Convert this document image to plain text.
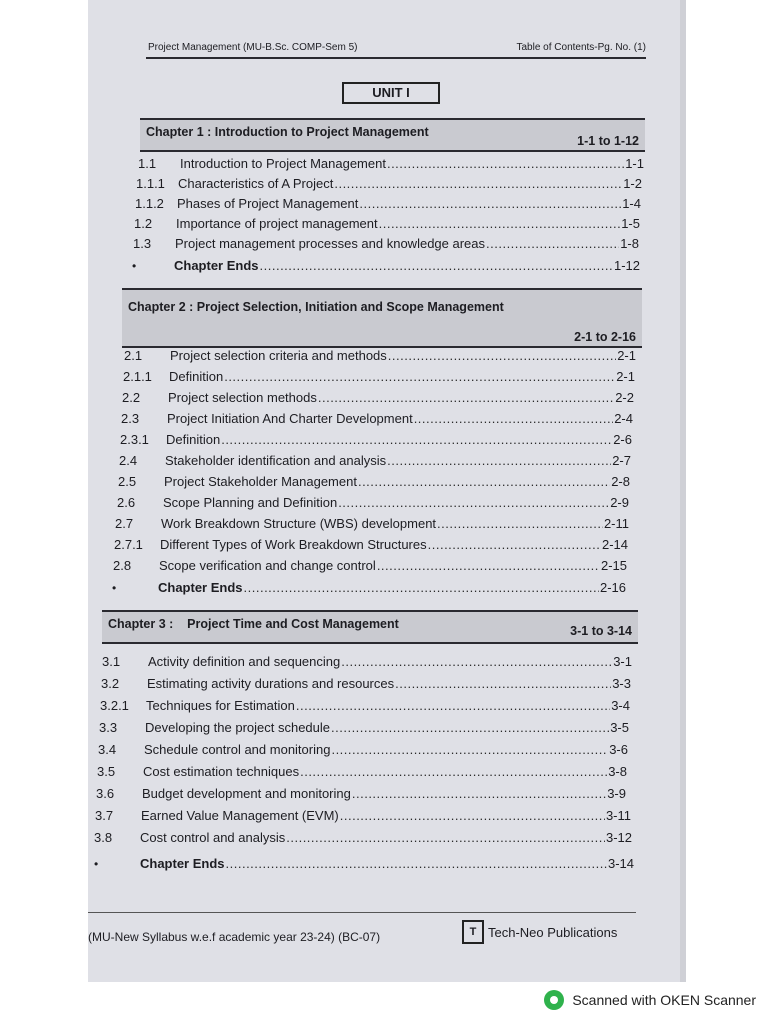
Project Management (MU-B.Sc. COMP-Sem 5)	Table of Contents-Pg. No. (1)
UNIT I
Chapter 1 : Introduction to Project Management
1-1 to 1-12
1.1	Introduction to Project Management .....	1-1
1.1.1	Characteristics of A Project .....	1-2
1.1.2	Phases of Project Management .....	1-4
1.2	Importance of project management .....	1-5
1.3	Project management processes and knowledge areas .....	1-8
•	Chapter Ends .....	1-12
Chapter 2 : Project Selection, Initiation and Scope Management
2-1 to 2-16
2.1	Project selection criteria and methods .....	2-1
2.1.1	Definition .....	2-1
2.2	Project selection methods .....	2-2
2.3	Project Initiation And Charter Development .....	2-4
2.3.1	Definition .....	2-6
2.4	Stakeholder identification and analysis .....	2-7
2.5	Project Stakeholder Management .....	2-8
2.6	Scope Planning and Definition .....	2-9
2.7	Work Breakdown Structure (WBS) development .....	2-11
2.7.1	Different Types of Work Breakdown Structures .....	2-14
2.8	Scope verification and change control .....	2-15
•	Chapter Ends .....	2-16
Chapter 3 :    Project Time and Cost Management	3-1 to 3-14
3.1	Activity definition and sequencing .....	3-1
3.2	Estimating activity durations and resources .....	3-3
3.2.1	Techniques for Estimation .....	3-4
3.3	Developing the project schedule .....	3-5
3.4	Schedule control and monitoring .....	3-6
3.5	Cost estimation techniques .....	3-8
3.6	Budget development and monitoring .....	3-9
3.7	Earned Value Management (EVM) .....	3-11
3.8	Cost control and analysis .....	3-12
•	Chapter Ends .....	3-14
(MU-New Syllabus w.e.f academic year 23-24) (BC-07)	T Tech-Neo Publications
Scanned with OKEN Scanner
